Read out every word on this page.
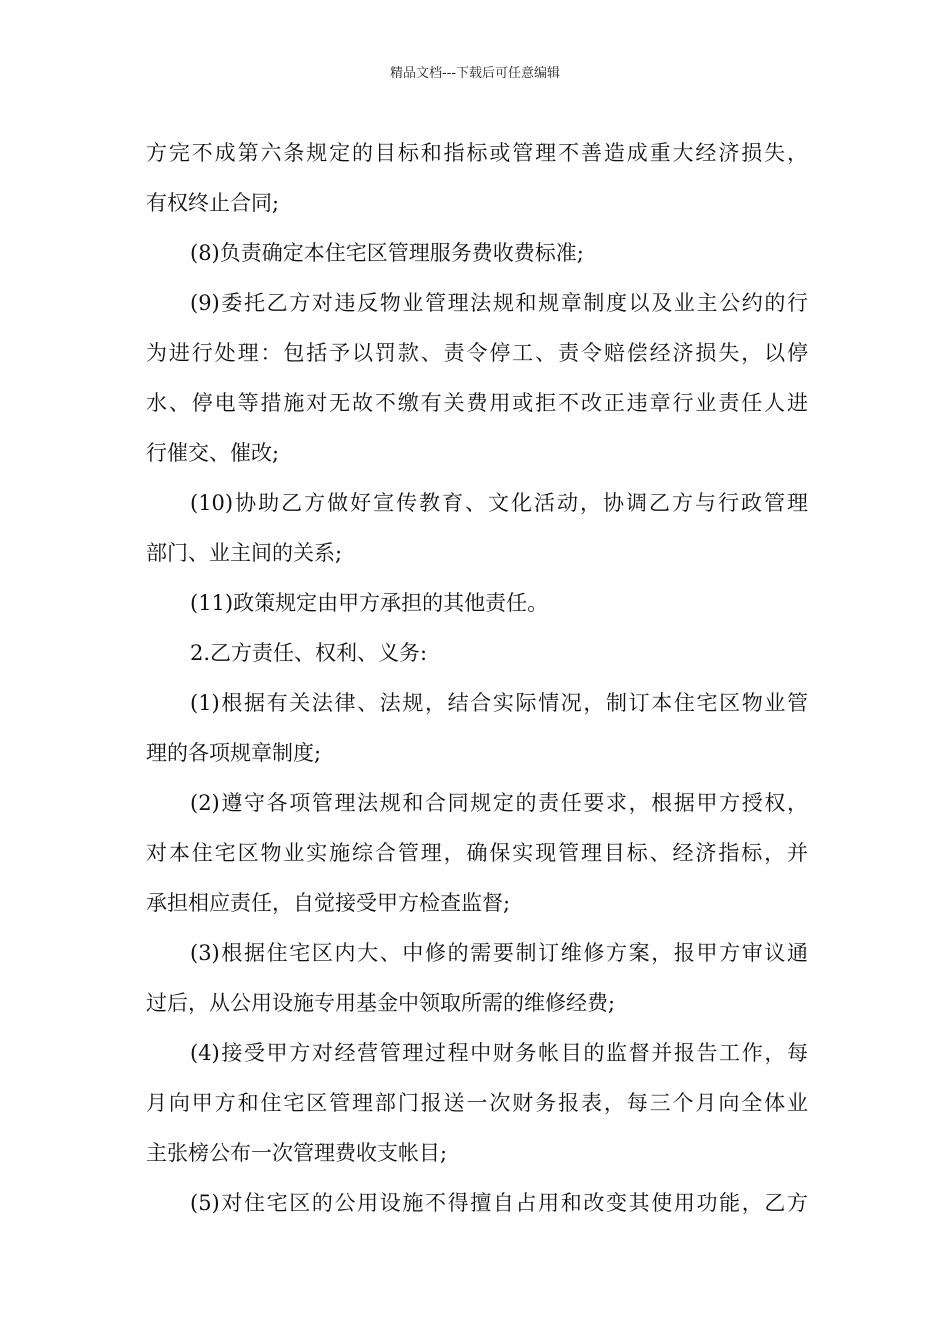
精品文档---下载后可任意编辑
方完不成第六条规定的目标和指标或管理不善造成重大经济损失，
有权终止合同;
(8)负责确定本住宅区管理服务费收费标准;
(9)委托乙方对违反物业管理法规和规章制度以及业主公约的行
为进行处理：包括予以罚款、责令停工、责令赔偿经济损失，以停
水、停电等措施对无故不缴有关费用或拒不改正违章行业责任人进
行催交、催改;
(10)协助乙方做好宣传教育、文化活动，协调乙方与行政管理
部门、业主间的关系;
(11)政策规定由甲方承担的其他责任。
2.乙方责任、权利、义务:
(1)根据有关法律、法规，结合实际情况，制订本住宅区物业管
理的各项规章制度;
(2)遵守各项管理法规和合同规定的责任要求，根据甲方授权，
对本住宅区物业实施综合管理，确保实现管理目标、经济指标，并
承担相应责任，自觉接受甲方检查监督;
(3)根据住宅区内大、中修的需要制订维修方案，报甲方审议通
过后，从公用设施专用基金中领取所需的维修经费;
(4)接受甲方对经营管理过程中财务帐目的监督并报告工作，每
月向甲方和住宅区管理部门报送一次财务报表，每三个月向全体业
主张榜公布一次管理费收支帐目;
(5)对住宅区的公用设施不得擅自占用和改变其使用功能，乙方
